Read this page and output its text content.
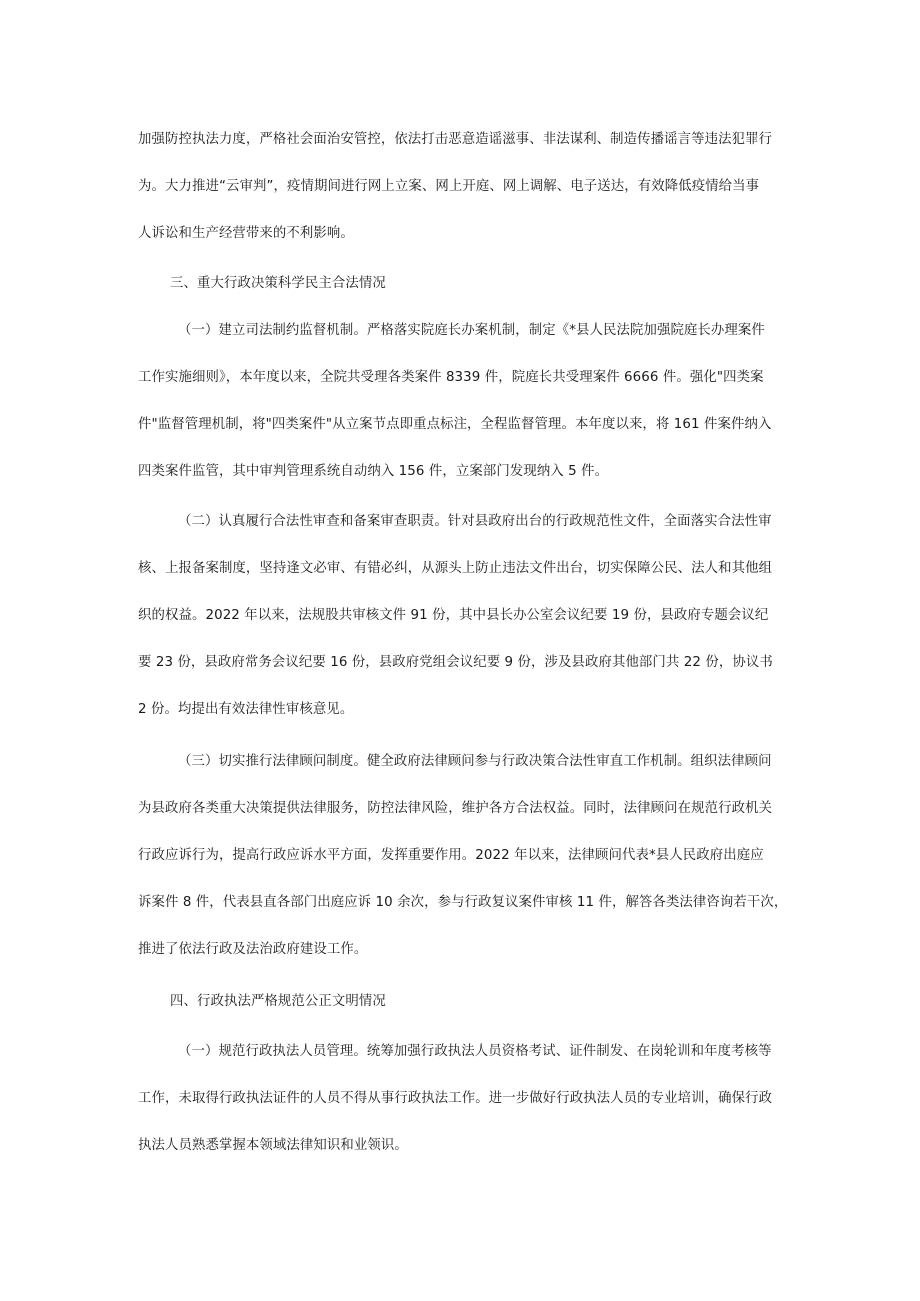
加强防控执法力度，严格社会面治安管控，依法打击恶意造谣滋事、非法谋利、制造传播谣言等违法犯罪行
为。大力推进“云审判”，疫情期间进行网上立案、网上开庭、网上调解、电子送达，有效降低疫情给当事
人诉讼和生产经营带来的不利影响。
三、重大行政决策科学民主合法情况
（一）建立司法制约监督机制。严格落实院庭长办案机制，制定《*县人民法院加强院庭长办理案件
工作实施细则》，本年度以来，全院共受理各类案件 8339 件，院庭长共受理案件 6666 件。强化"四类案
件"监督管理机制，将"四类案件"从立案节点即重点标注，全程监督管理。本年度以来，将 161 件案件纳入
四类案件监管，其中审判管理系统自动纳入 156 件，立案部门发现纳入 5 件。
（二）认真履行合法性审查和备案审查职责。针对县政府出台的行政规范性文件，全面落实合法性审
核、上报备案制度，坚持逢文必审、有错必纠，从源头上防止违法文件出台，切实保障公民、法人和其他组
织的权益。2022 年以来，法规股共审核文件 91 份，其中县长办公室会议纪要 19 份，县政府专题会议纪
要 23 份，县政府常务会议纪要 16 份，县政府党组会议纪要 9 份，涉及县政府其他部门共 22 份，协议书
2 份。均提出有效法律性审核意见。
（三）切实推行法律顾问制度。健全政府法律顾问参与行政决策合法性审直工作机制。组织法律顾问
为县政府各类重大决策提供法律服务，防控法律风险，维护各方合法权益。同时，法律顾问在规范行政机关
行政应诉行为，提高行政应诉水平方面，发挥重要作用。2022 年以来，法律顾问代表*县人民政府出庭应
诉案件 8 件，代表县直各部门出庭应诉 10 余次，参与行政复议案件审核 11 件，解答各类法律咨询若干次，
推进了依法行政及法治政府建设工作。
四、行政执法严格规范公正文明情况
（一）规范行政执法人员管理。统筹加强行政执法人员资格考试、证件制发、在岗轮训和年度考核等
工作，未取得行政执法证件的人员不得从事行政执法工作。进一步做好行政执法人员的专业培训，确保行政
执法人员熟悉掌握本领域法律知识和业领识。
